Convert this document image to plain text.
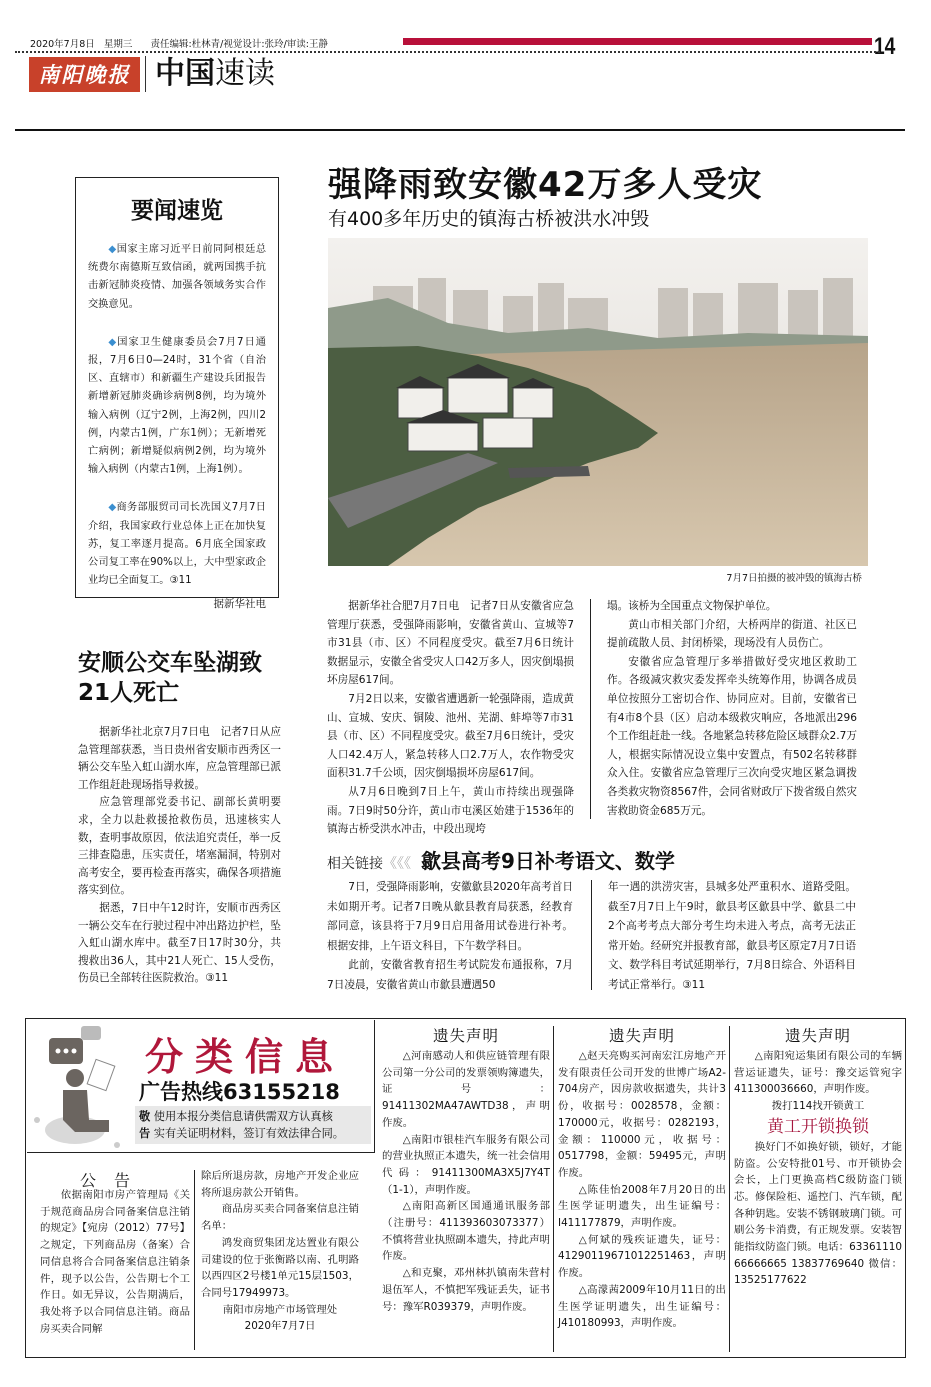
2020年7月8日 星期三 责任编辑:杜林青/视觉设计:张玲/审读:王静	14
南阳晚报 中国速读
要闻速览
◆国家主席习近平日前同阿根廷总统费尔南德斯互致信函，就两国携手抗击新冠肺炎疫情、加强各领域务实合作交换意见。
◆国家卫生健康委员会7月7日通报，7月6日0—24时，31个省（自治区、直辖市）和新疆生产建设兵团报告新增新冠肺炎确诊病例8例，均为境外输入病例（辽宁2例，上海2例，四川2例，内蒙古1例，广东1例）；无新增死亡病例；新增疑似病例2例，均为境外输入病例（内蒙古1例，上海1例）。
◆商务部服贸司司长冼国义7月7日介绍，我国家政行业总体上正在加快复苏，复工率逐月提高。6月底全国家政公司复工率在90%以上，大中型家政企业均已全面复工。③11
据新华社电
强降雨致安徽42万多人受灾
有400多年历史的镇海古桥被洪水冲毁
7月7日拍摄的被冲毁的镇海古桥

据新华社合肥7月7日电　记者7日从安徽省应急管理厅获悉，受强降雨影响，安徽省黄山、宣城等7市31县（市、区）不同程度受灾。截至7月6日统计数据显示，安徽全省受灾人口42万多人，因灾倒塌损坏房屋617间。

7月2日以来，安徽省遭遇新一轮强降雨，造成黄山、宣城、安庆、铜陵、池州、芜湖、蚌埠等7市31县（市、区）不同程度受灾。截至7月6日统计，受灾人口42.4万人，紧急转移人口2.7万人，农作物受灾面积31.7千公顷，因灾倒塌损坏房屋617间。

从7月6日晚到7日上午，黄山市持续出现强降雨。7日9时50分许，黄山市屯溪区始建于1536年的镇海古桥受洪水冲击，中段出现垮

塌。该桥为全国重点文物保护单位。

黄山市相关部门介绍，大桥两岸的街道、社区已提前疏散人员、封闭桥梁，现场没有人员伤亡。

安徽省应急管理厅多举措做好受灾地区救助工作。各级减灾救灾委发挥牵头统筹作用，协调各成员单位按照分工密切合作、协同应对。目前，安徽省已有4市8个县（区）启动本级救灾响应，各地派出296个工作组赶赴一线。各地紧急转移危险区域群众2.7万人，根据实际情况设立集中安置点，有502名转移群众入住。安徽省应急管理厅三次向受灾地区紧急调拨各类救灾物资8567件，会同省财政厅下拨省级自然灾害救助资金685万元。

安顺公交车坠湖致21人死亡

据新华社北京7月7日电　记者7日从应急管理部获悉，当日贵州省安顺市西秀区一辆公交车坠入虹山湖水库，应急管理部已派工作组赶赴现场指导救援。

应急管理部党委书记、副部长黄明要求，全力以赴救援抢救伤员，迅速核实人数，查明事故原因，依法追究责任，举一反三排查隐患，压实责任，堵塞漏洞，特别对高考安全，要再检查再落实，确保各项措施落实到位。

据悉，7日中午12时许，安顺市西秀区一辆公交车在行驶过程中冲出路边护栏，坠入虹山湖水库中。截至7日17时30分，共搜救出36人，其中21人死亡、15人受伤，伤员已全部转往医院救治。③11

相关链接《《《 歙县高考9日补考语文、数学

7日，受强降雨影响，安徽歙县2020年高考首日未如期开考。记者7日晚从歙县教育局获悉，经教育部同意，该县将于7月9日启用备用试卷进行补考。根据安排，上午语文科目，下午数学科目。

此前，安徽省教育招生考试院发布通报称，7月7日凌晨，安徽省黄山市歙县遭遇50

年一遇的洪涝灾害，县城多处严重积水、道路受阻。截至7月7日上午9时，歙县考区歙县中学、歙县二中2个高考考点大部分考生均未进入考点，高考无法正常开始。经研究并报教育部，歙县考区原定7月7日语文、数学科目考试延期举行，7月8日综合、外语科目考试正常举行。③11

分类信息
广告热线63155218
敬 使用本报分类信息请供需双方认真核
告 实有关证明材料，签订有效法律合同。
公告

依据南阳市房产管理局《关于规范商品房合同备案信息注销的规定》【宛房（2012）77号】之规定，下列商品房（备案）合同信息将合合同备案信息注销条件，现予以公告，公告期七个工作日。如无异议，公告期满后，我处将予以合同信息注销。商品房买卖合同解

除后所退房款，房地产开发企业应将所退房款公开销售。

商品房买卖合同备案信息注销名单：

鸿发商贸集团龙达置业有限公司建设的位于张衡路以南、孔明路以西四区2号楼1单元15层1503，合同号17949973。

南阳市房地产市场管理处

2020年7月7日

遗失声明

△河南感动人和供应链管理有限公司第一分公司的发票领购簿遗失，证号：91411302MA47AWTD38，声明作废。

△南阳市银桂汽车服务有限公司的营业执照正本遗失，统一社会信用代码：91411300MA3X5J7Y4T（1-1），声明作废。

△南阳高新区国通通讯服务部（注册号：411393603073377）不慎将营业执照副本遗失，持此声明作废。

△和克聚，邓州林扒镇南朱营村退伍军人，不慎把军残证丢失，证书号：豫军R039379，声明作废。

遗失声明

△赵天亮购买河南宏江房地产开发有限责任公司开发的世博广场A2-704房产，因房款收据遗失，共计3份，收据号：0028578，金额：170000元，收据号：0282193，金额：110000元，收据号：0517798，金额：59495元，声明作废。

△陈佳怡2008年7月20日的出生医学证明遗失，出生证编号：I411177879，声明作废。

△何斌的残疾证遗失，证号：41290119671012251463，声明作废。

△高濛茜2009年10月11日的出生医学证明遗失，出生证编号：J410180993，声明作废。

遗失声明

△南阳宛运集团有限公司的车辆营运证遗失，证号：豫交运管宛字411300036660，声明作废。

拨打114找开锁黄工

黄工开锁换锁

换好门不如换好锁，锁好，才能防盗。公安特批01号、市开锁协会会长，上门更换高档C级防盗门锁芯。修保险柜、遥控门、汽车锁，配各种钥匙。安装不锈钢玻璃门锁。可刷公务卡消费，有正规发票。安装智能指纹防盗门锁。电话：63361110 66666665 13837769640 微信：13525177622
